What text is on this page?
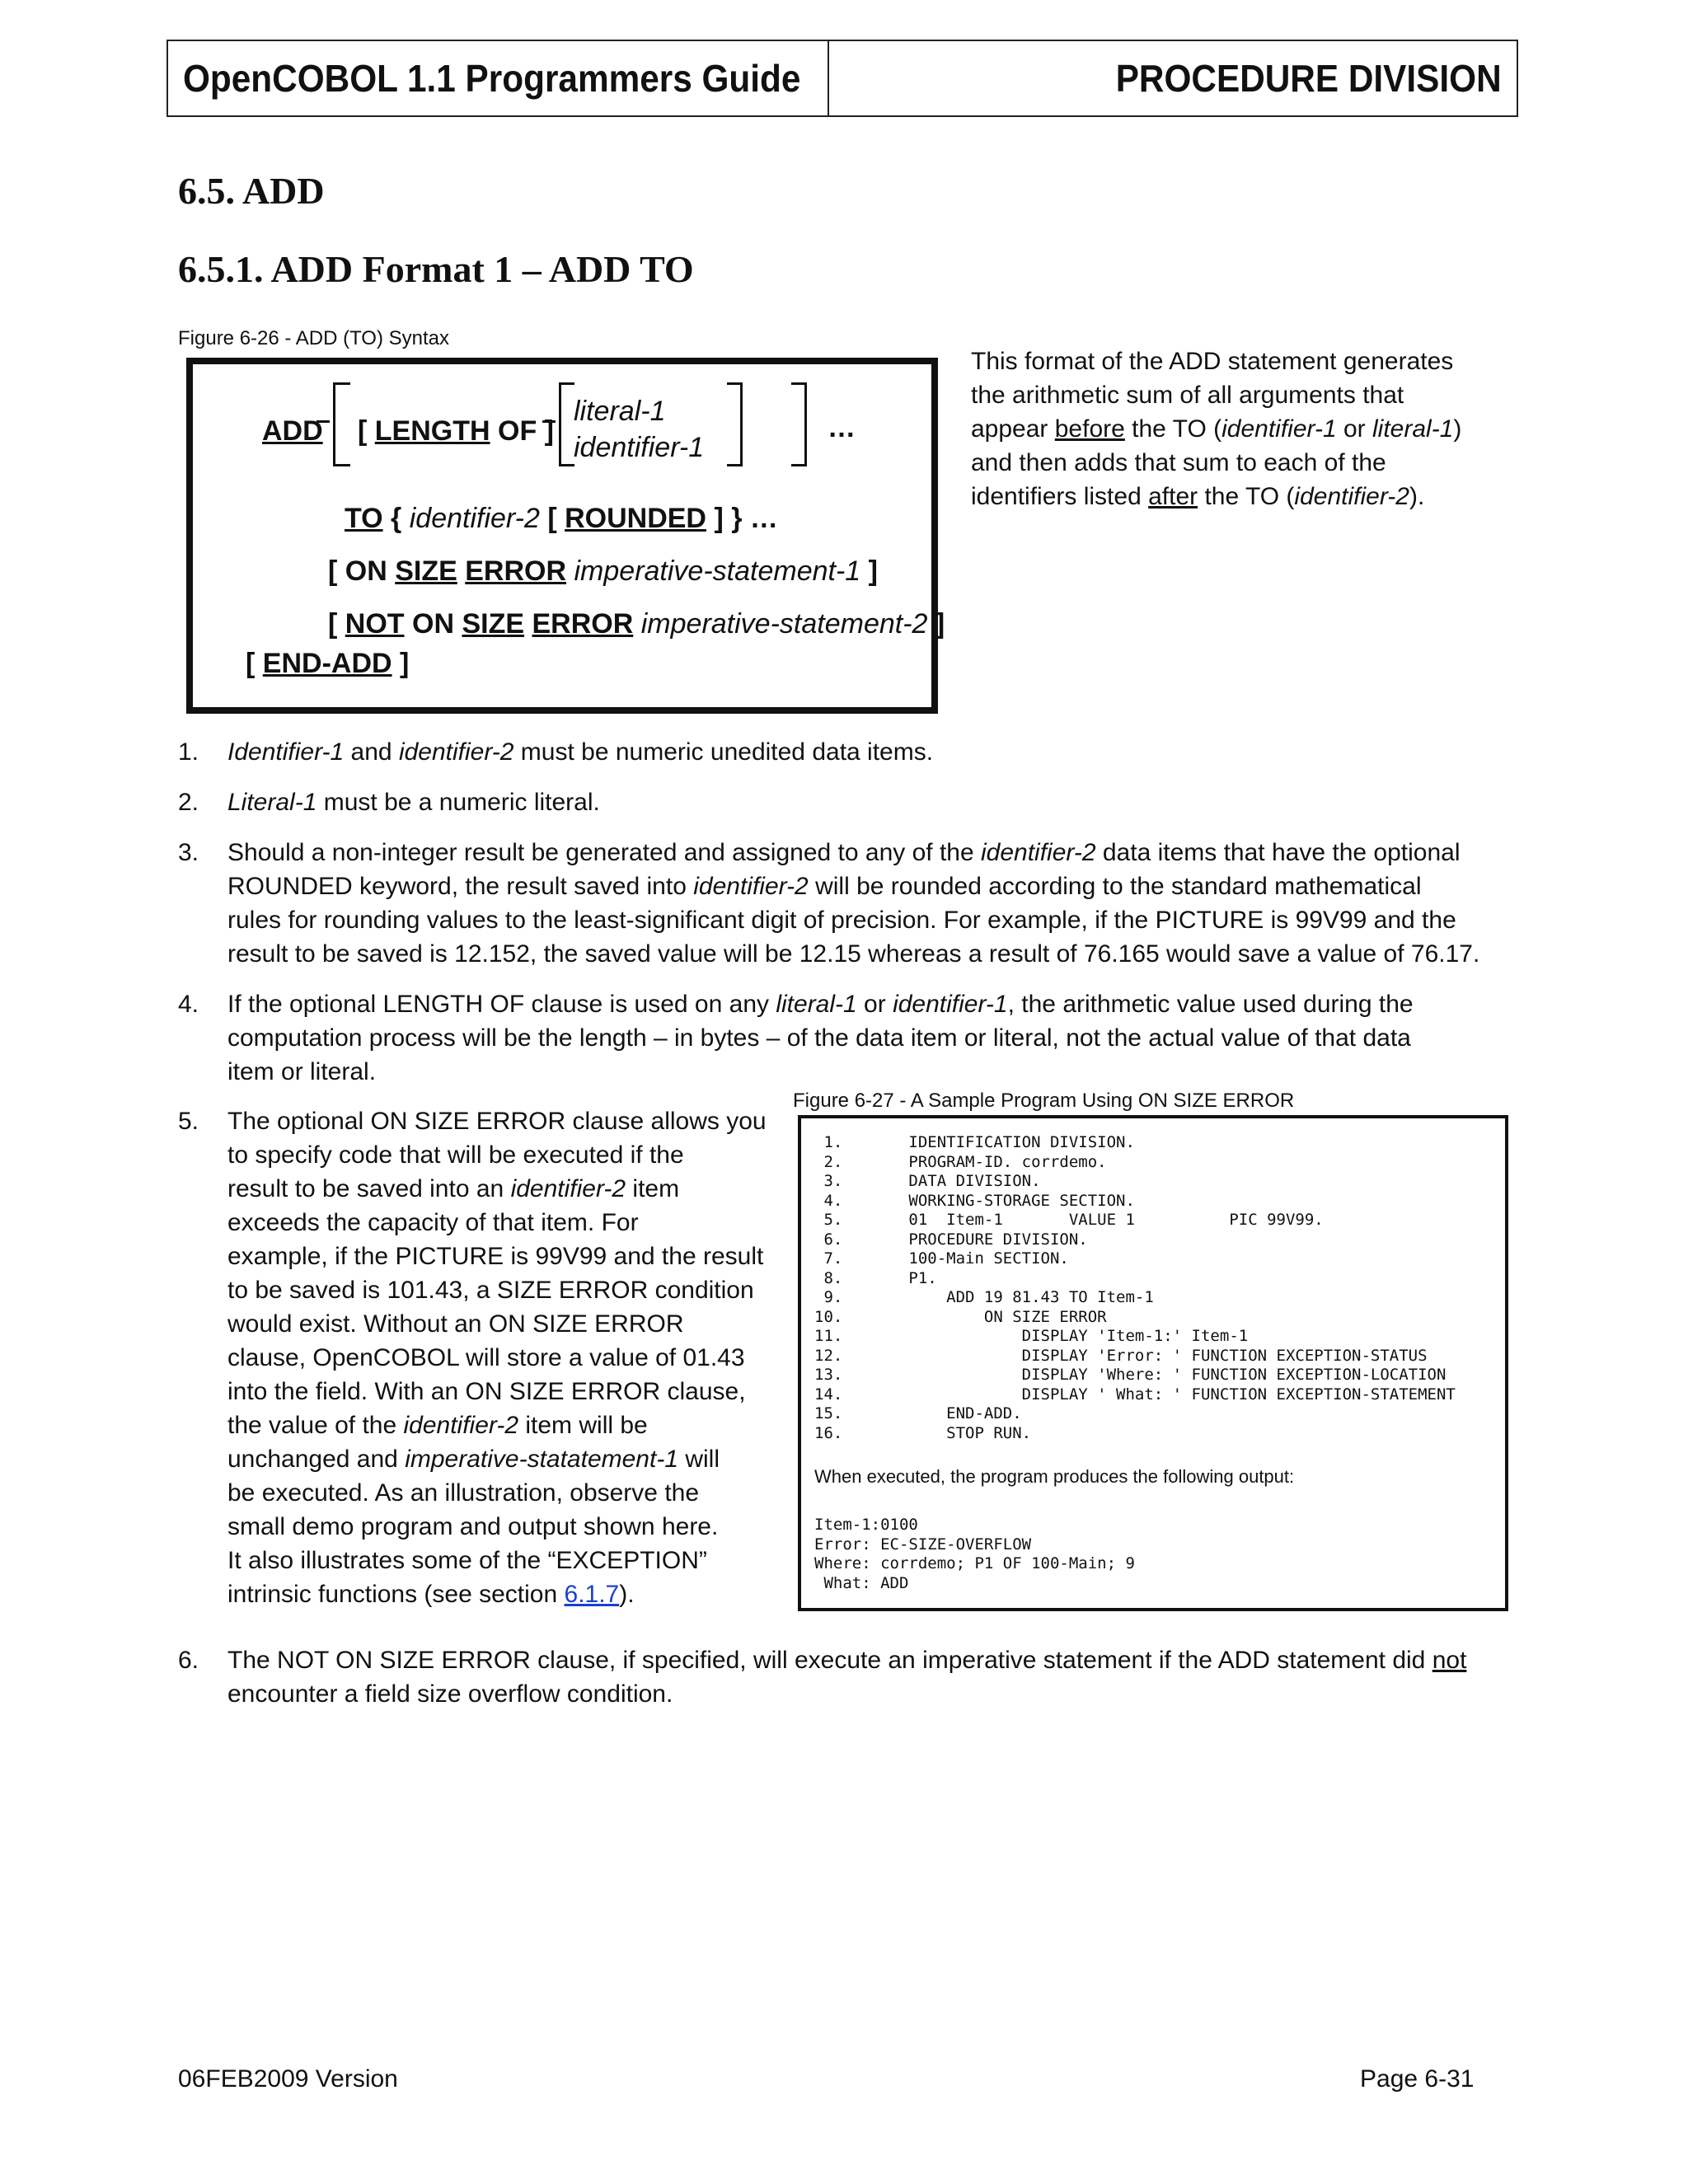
OpenCOBOL 1.1 Programmers Guide	PROCEDURE DIVISION
6.5. ADD
6.5.1. ADD Format 1 – ADD TO
Figure 6-26 - ADD (TO) Syntax
ADD [ LENGTH OF ]
literal-1
identifier-1
…
TO { identifier-2 [ ROUNDED ] } …
[ ON SIZE ERROR imperative-statement-1 ]
[ NOT ON SIZE ERROR imperative-statement-2 ]
[ END-ADD ]
This format of the ADD statement generates
the arithmetic sum of all arguments that
appear before the TO (identifier-1 or literal-1)
and then adds that sum to each of the
identifiers listed after the TO (identifier-2).
1. Identifier-1 and identifier-2 must be numeric unedited data items.
2. Literal-1 must be a numeric literal.
3. Should a non-integer result be generated and assigned to any of the identifier-2 data items that have the optional
ROUNDED keyword, the result saved into identifier-2 will be rounded according to the standard mathematical
rules for rounding values to the least-significant digit of precision. For example, if the PICTURE is 99V99 and the
result to be saved is 12.152, the saved value will be 12.15 whereas a result of 76.165 would save a value of 76.17.
4. If the optional LENGTH OF clause is used on any literal-1 or identifier-1, the arithmetic value used during the
computation process will be the length – in bytes – of the data item or literal, not the actual value of that data
item or literal.
5. The optional ON SIZE ERROR clause allows you
to specify code that will be executed if the
result to be saved into an identifier-2 item
exceeds the capacity of that item. For
example, if the PICTURE is 99V99 and the result
to be saved is 101.43, a SIZE ERROR condition
would exist. Without an ON SIZE ERROR
clause, OpenCOBOL will store a value of 01.43
into the field. With an ON SIZE ERROR clause,
the value of the identifier-2 item will be
unchanged and imperative-statatement-1 will
be executed. As an illustration, observe the
small demo program and output shown here.
It also illustrates some of the “EXCEPTION”
intrinsic functions (see section 6.1.7).
Figure 6-27 - A Sample Program Using ON SIZE ERROR
1.       IDENTIFICATION DIVISION.
2.       PROGRAM-ID. corrdemo.
3.       DATA DIVISION.
4.       WORKING-STORAGE SECTION.
5.       01  Item-1       VALUE 1          PIC 99V99.
6.       PROCEDURE DIVISION.
7.       100-Main SECTION.
8.       P1.
9.           ADD 19 81.43 TO Item-1
10.               ON SIZE ERROR
11.                   DISPLAY 'Item-1:' Item-1
12.                   DISPLAY 'Error: ' FUNCTION EXCEPTION-STATUS
13.                   DISPLAY 'Where: ' FUNCTION EXCEPTION-LOCATION
14.                   DISPLAY ' What: ' FUNCTION EXCEPTION-STATEMENT
15.           END-ADD.
16.           STOP RUN.
When executed, the program produces the following output:
Item-1:0100
Error: EC-SIZE-OVERFLOW
Where: corrdemo; P1 OF 100-Main; 9
What: ADD
6. The NOT ON SIZE ERROR clause, if specified, will execute an imperative statement if the ADD statement did not
encounter a field size overflow condition.
06FEB2009 Version	Page 6-31
